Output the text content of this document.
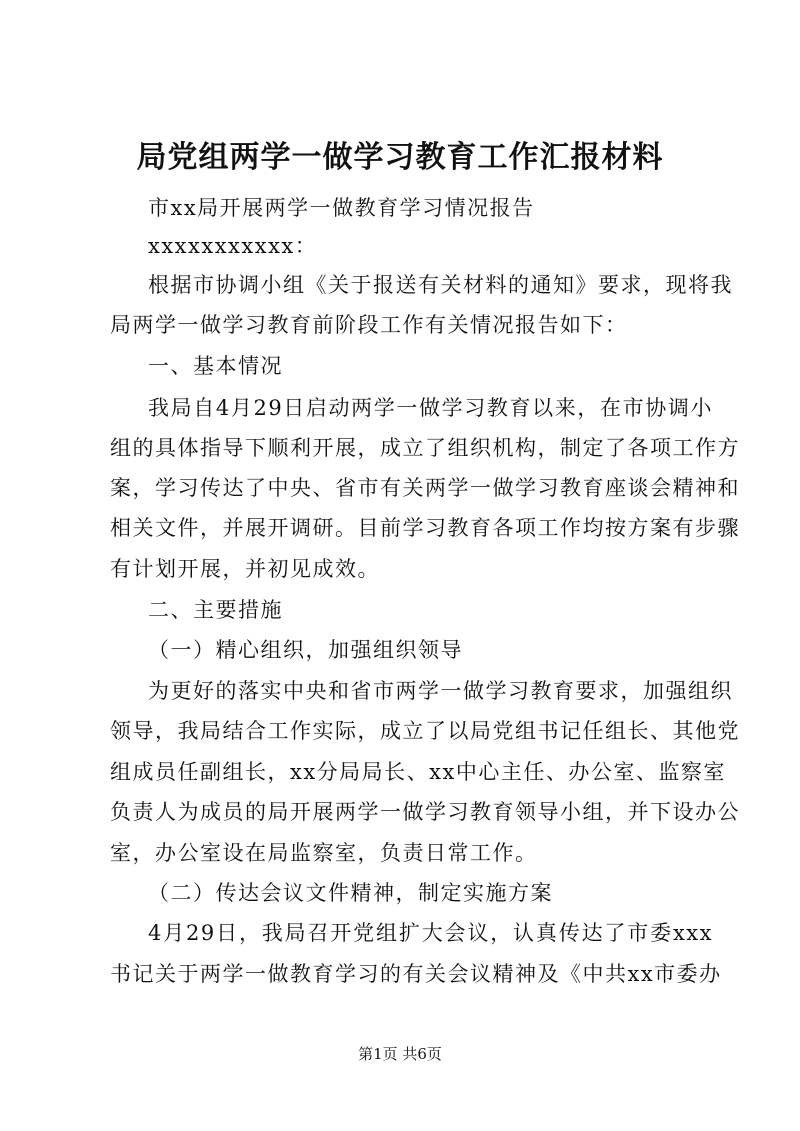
局党组两学一做学习教育工作汇报材料
市xx局开展两学一做教育学习情况报告
xxxxxxxxxxx：
根据市协调小组《关于报送有关材料的通知》要求，现将我
局两学一做学习教育前阶段工作有关情况报告如下：
一、基本情况
我局自4月29日启动两学一做学习教育以来，在市协调小
组的具体指导下顺利开展，成立了组织机构，制定了各项工作方
案，学习传达了中央、省市有关两学一做学习教育座谈会精神和
相关文件，并展开调研。目前学习教育各项工作均按方案有步骤
有计划开展，并初见成效。
二、主要措施
（一）精心组织，加强组织领导
为更好的落实中央和省市两学一做学习教育要求，加强组织
领导，我局结合工作实际，成立了以局党组书记任组长、其他党
组成员任副组长，xx分局局长、xx中心主任、办公室、监察室
负责人为成员的局开展两学一做学习教育领导小组，并下设办公
室，办公室设在局监察室，负责日常工作。
（二）传达会议文件精神，制定实施方案
4月29日，我局召开党组扩大会议，认真传达了市委xxx
书记关于两学一做教育学习的有关会议精神及《中共xx市委办
第1页 共6页
